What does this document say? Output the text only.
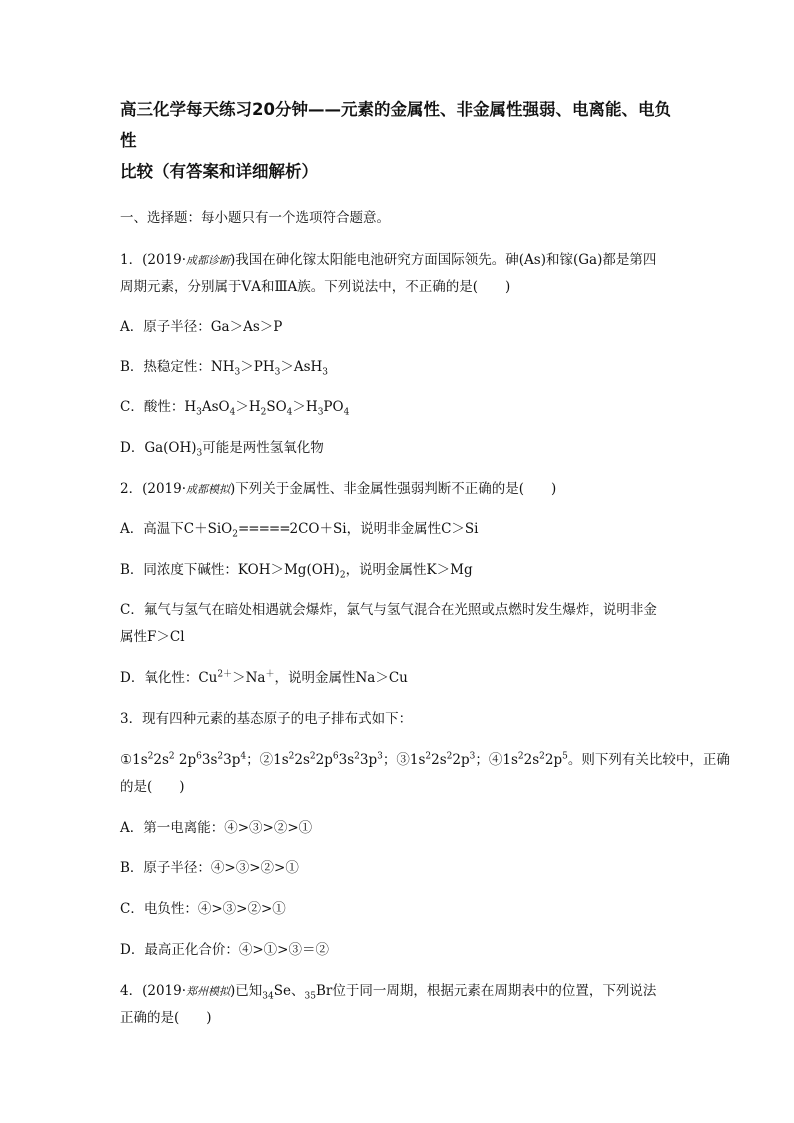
高三化学每天练习20分钟——元素的金属性、非金属性强弱、电离能、电负性
比较（有答案和详细解析）
一、选择题：每小题只有一个选项符合题意。
1．(2019·成都诊断)我国在砷化镓太阳能电池研究方面国际领先。砷(As)和镓(Ga)都是第四
周期元素，分别属于ⅤA和ⅢA族。下列说法中，不正确的是(　　)
A．原子半径：Ga＞As＞P
B．热稳定性：$NH_3>PH_3>AsH_3$
C．酸性：$H_3AsO_4>H_2SO_4>H_3PO_4$
D．$Ga(OH)_3$可能是两性氢氧化物
2．(2019·成都模拟)下列关于金属性、非金属性强弱判断不正确的是(　　)
A．高温下C＋SiO$_2$=====2CO＋Si，说明非金属性C＞Si
B．同浓度下碱性：$KOH>Mg(OH)_2$，说明金属性K＞Mg
C．氟气与氢气在暗处相遇就会爆炸，氯气与氢气混合在光照或点燃时发生爆炸，说明非金
属性F＞Cl
D．氧化性：$Cu^{2+}>Na^+$，说明金属性Na＞Cu
3．现有四种元素的基态原子的电子排布式如下：
$①1s^22s^2$ $2p^63s^23p^4$；$②1s^22s^22p^63s^23p^3$；$③1s^22s^22p^3$；$④1s^22s^22p^5$。则下列有关比较中，正确
的是(　　)
A．第一电离能：④>③>②>①
B．原子半径：④>③>②>①
C．电负性：④>③>②>①
D．最高正化合价：④>①>③＝②
4．(2019·郑州模拟)已知$_{34}$Se、$_{35}$Br位于同一周期，根据元素在周期表中的位置，下列说法
正确的是(　　)
